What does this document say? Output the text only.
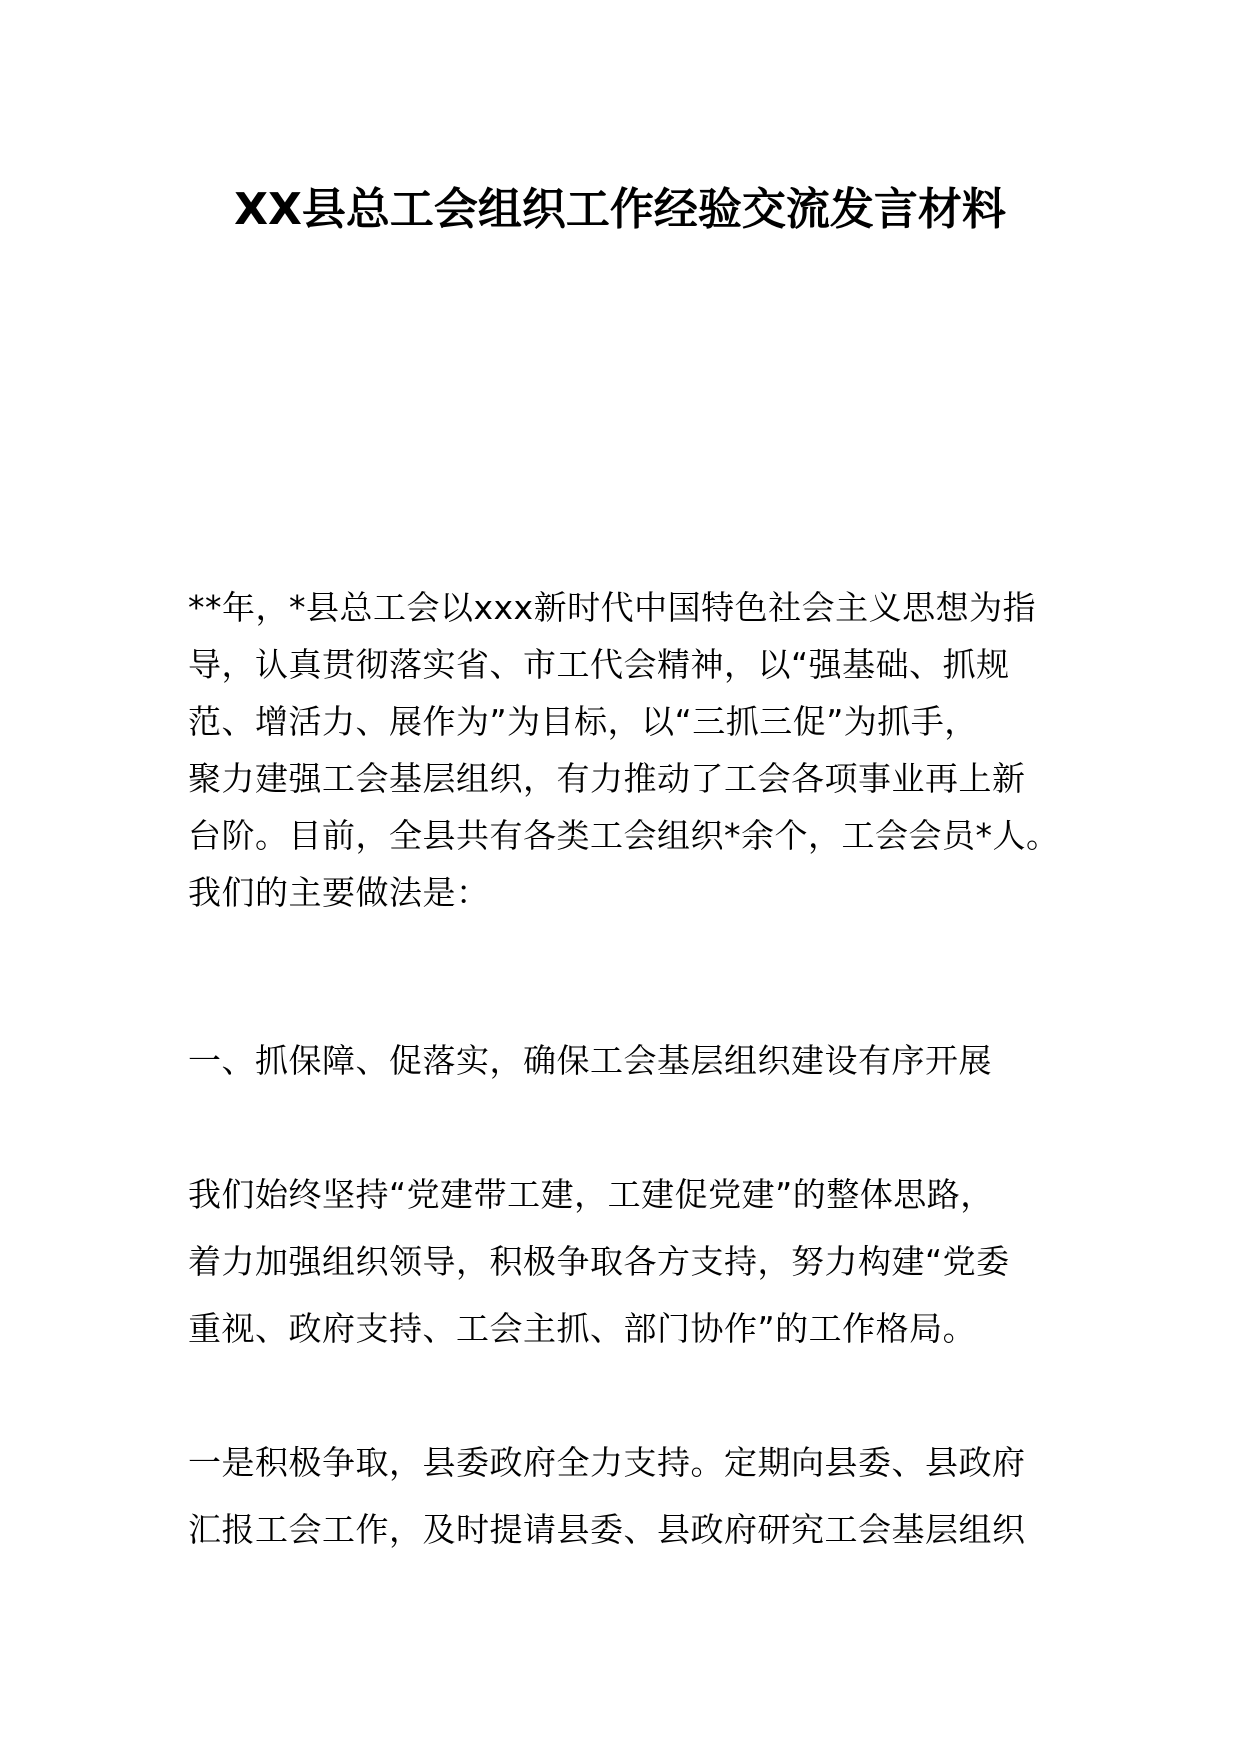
XX县总工会组织工作经验交流发言材料
**年，*县总工会以xxx新时代中国特色社会主义思想为指
导，认真贯彻落实省、市工代会精神，以“强基础、抓规
范、增活力、展作为”为目标，以“三抓三促”为抓手，
聚力建强工会基层组织，有力推动了工会各项事业再上新
台阶。目前，全县共有各类工会组织*余个，工会会员*人。
我们的主要做法是：
一、抓保障、促落实，确保工会基层组织建设有序开展
我们始终坚持“党建带工建，工建促党建”的整体思路，
着力加强组织领导，积极争取各方支持，努力构建“党委
重视、政府支持、工会主抓、部门协作”的工作格局。
一是积极争取，县委政府全力支持。定期向县委、县政府
汇报工会工作，及时提请县委、县政府研究工会基层组织
